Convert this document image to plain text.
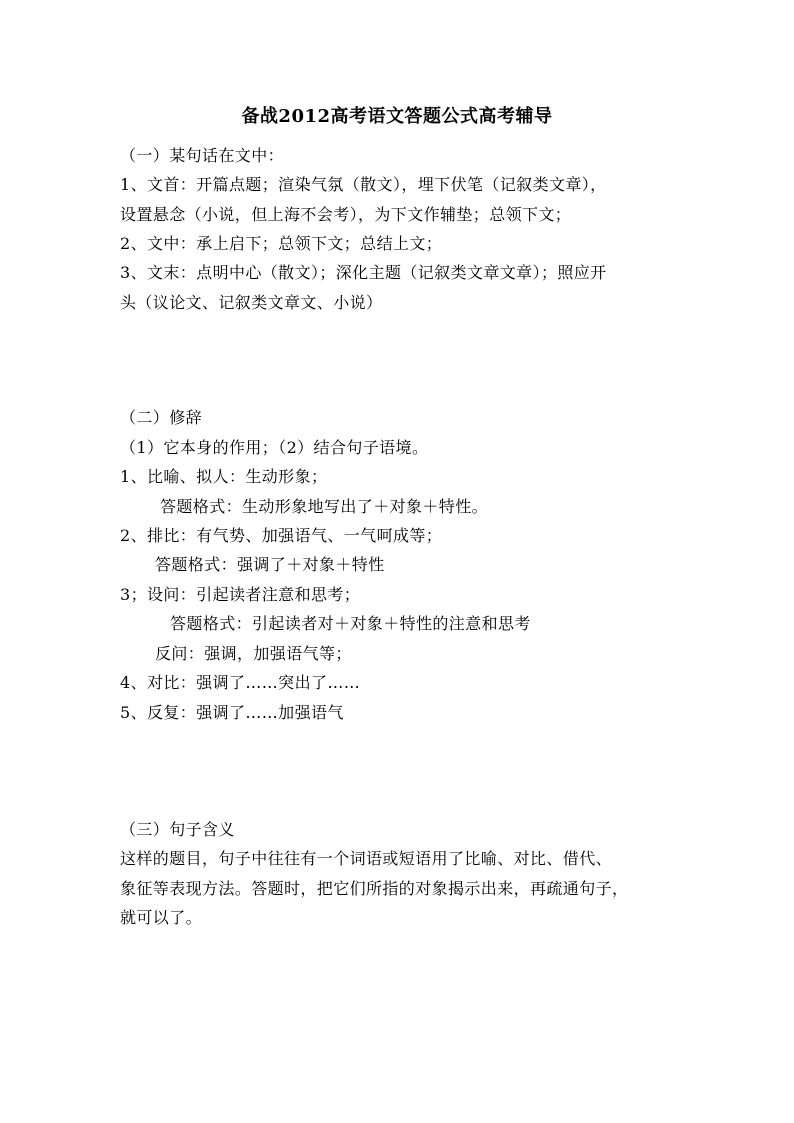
备战2012高考语文答题公式高考辅导
（一）某句话在文中：
1、文首：开篇点题；渲染气氛（散文），埋下伏笔（记叙类文章），
设置悬念（小说，但上海不会考），为下文作辅垫；总领下文；
2、文中：承上启下；总领下文；总结上文；
3、文末：点明中心（散文）；深化主题（记叙类文章文章）；照应开
头（议论文、记叙类文章文、小说）
（二）修辞
（1）它本身的作用；（2）结合句子语境。
1、比喻、拟人：生动形象；
答题格式：生动形象地写出了＋对象＋特性。
2、排比：有气势、加强语气、一气呵成等；
答题格式：强调了＋对象＋特性
3；设问：引起读者注意和思考；
答题格式：引起读者对＋对象＋特性的注意和思考
反问：强调，加强语气等；
4、对比：强调了……突出了……
5、反复：强调了……加强语气
（三）句子含义
这样的题目，句子中往往有一个词语或短语用了比喻、对比、借代、
象征等表现方法。答题时，把它们所指的对象揭示出来，再疏通句子，
就可以了。
